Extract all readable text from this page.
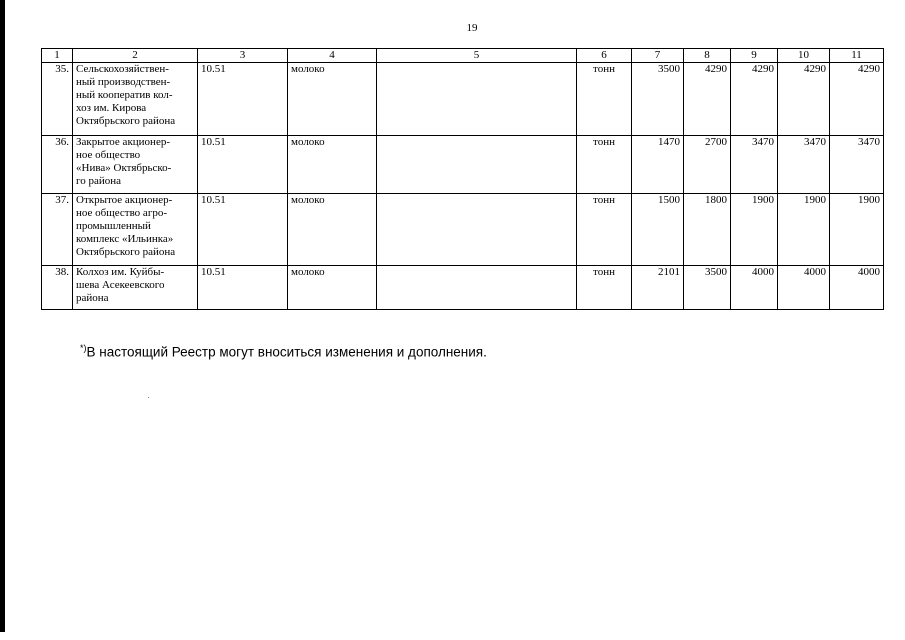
19
1	2	3	4	5	6	7	8	9	10	11
35.	Сельскохозяйствен-
ный производствен-
ный кооператив кол-
хоз им. Кирова
Октябрьского района	10.51	молоко		тонн	3500	4290	4290	4290	4290
36.	Закрытое акционер-
ное общество
«Нива» Октябрьско-
го района	10.51	молоко		тонн	1470	2700	3470	3470	3470
37.	Открытое акционер-
ное общество агро-
промышленный
комплекс «Ильинка»
Октябрьского района	10.51	молоко		тонн	1500	1800	1900	1900	1900
38.	Колхоз им. Куйбы-
шева Асекеевского
района	10.51	молоко		тонн	2101	3500	4000	4000	4000
*)В настоящий Реестр могут вноситься изменения и дополнения.
